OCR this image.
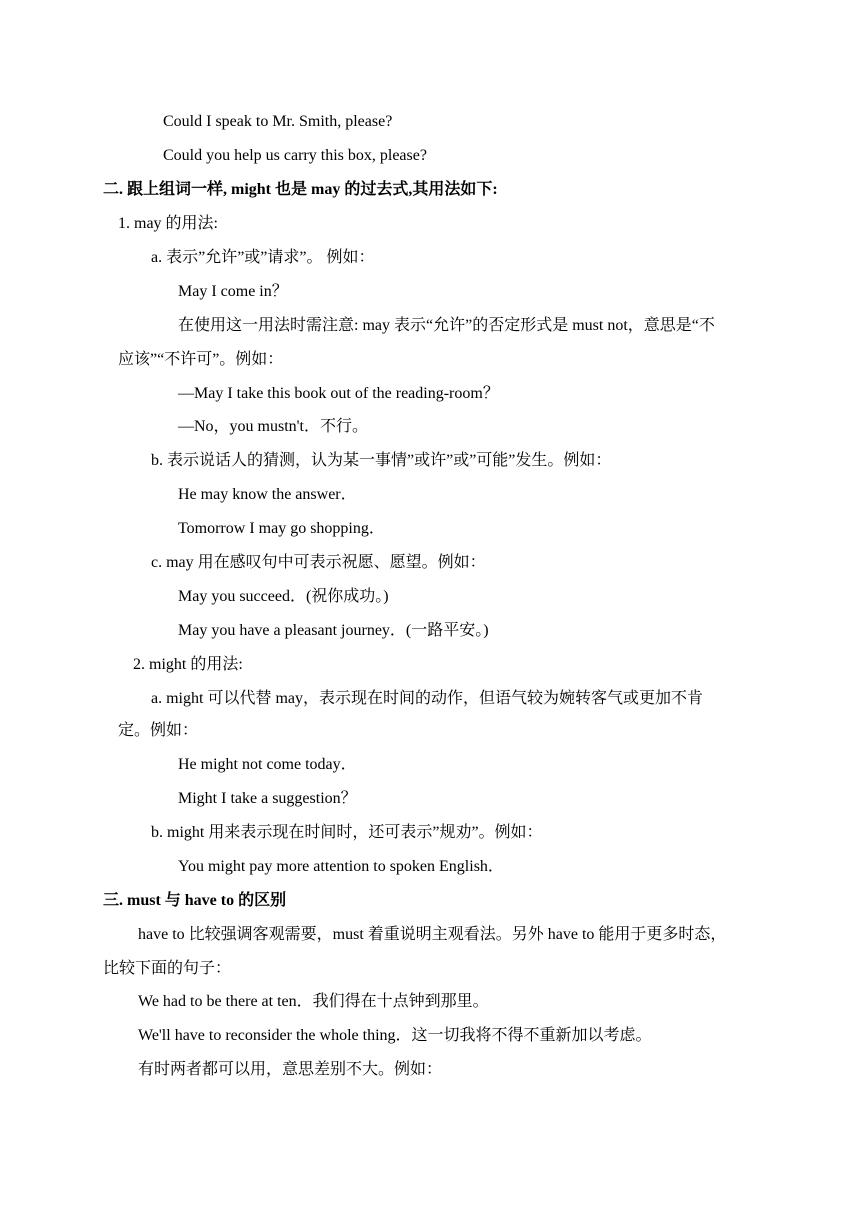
Could I speak to Mr. Smith, please?
Could you help us carry this box, please?
二. 跟上组词一样, might 也是 may 的过去式,其用法如下:
1. may 的用法:
a. 表示”允许”或”请求”。 例如：
May I come in？
在使用这一用法时需注意: may 表示“允许”的否定形式是 must not，意思是“不
应该”“不许可”。例如：
—May I take this book out of the reading-room？
—No，you mustn't．不行。
b. 表示说话人的猜测，认为某一事情”或许”或”可能”发生。例如：
He may know the answer．
Tomorrow I may go shopping．
c. may 用在感叹句中可表示祝愿、愿望。例如：
May you succeed．(祝你成功。)
May you have a pleasant journey．(一路平安。)
2. might 的用法:
a. might 可以代替 may，表示现在时间的动作，但语气较为婉转客气或更加不肯
定。例如：
He might not come today．
Might I take a suggestion？
b. might 用来表示现在时间时，还可表示”规劝”。例如：
You might pay more attention to spoken English．
三. must 与 have to 的区别
have to 比较强调客观需要，must 着重说明主观看法。另外 have to 能用于更多时态，
比较下面的句子：
We had to be there at ten．我们得在十点钟到那里。
We'll have to reconsider the whole thing．这一切我将不得不重新加以考虑。
有时两者都可以用，意思差别不大。例如：
